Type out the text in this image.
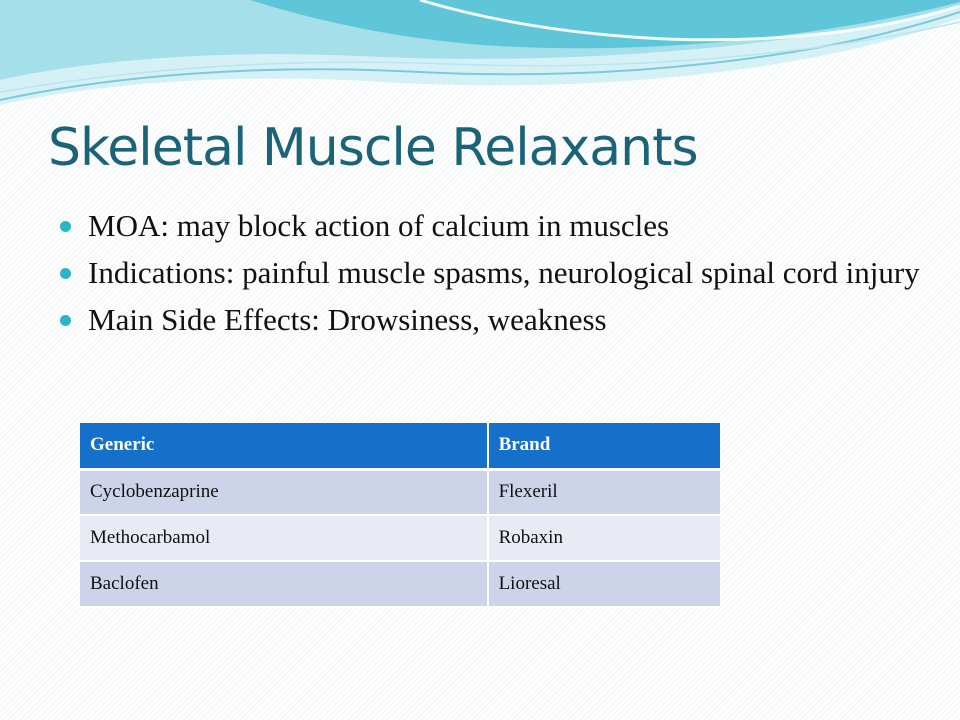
Skeletal Muscle Relaxants
MOA: may block action of calcium in muscles
Indications: painful muscle spasms, neurological spinal cord injury
Main Side Effects: Drowsiness, weakness
Generic	Brand
Cyclobenzaprine	Flexeril
Methocarbamol	Robaxin
Baclofen	Lioresal
